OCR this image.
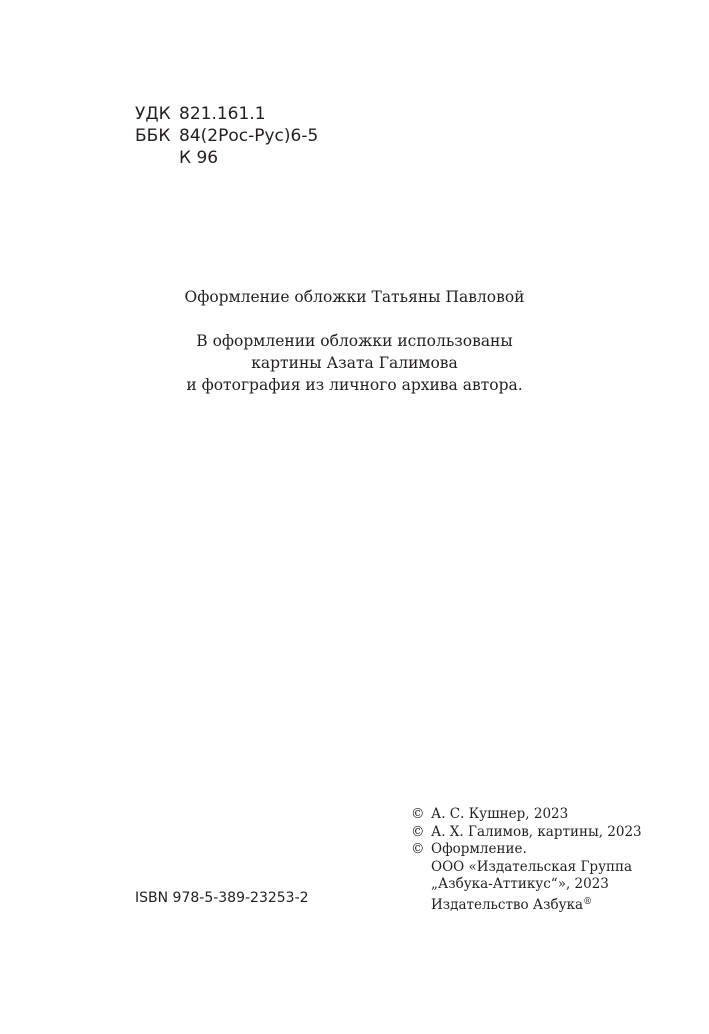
УДК 821.161.1
ББК 84(2Рос-Рус)6-5
К 96

Оформление обложки Татьяны Павловой

В оформлении обложки использованы

картины Азата Галимова

и фотография из личного архива автора.

ISBN 978-5-389-23253-2
© А. С. Кушнер, 2023
© А. Х. Галимов, картины, 2023
© Оформление.
ООО «Издательская Группа
„Азбука-Аттикус“», 2023
Издательство Азбука®
